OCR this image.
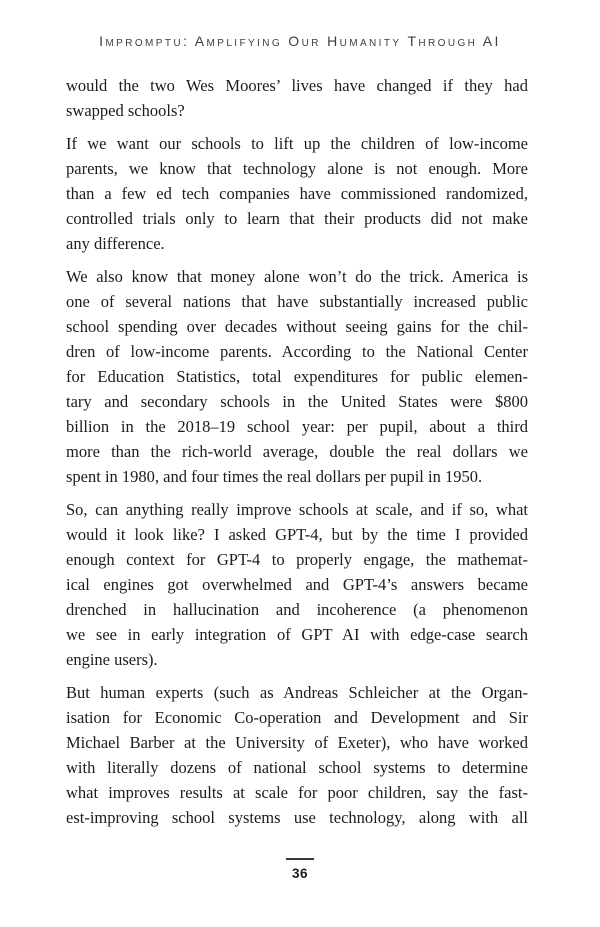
Impromptu: Amplifying Our Humanity Through AI

would the two Wes Moores’ lives have changed if they had
swapped schools?

If we want our schools to lift up the children of low-income
parents, we know that technology alone is not enough. More
than a few ed tech companies have commissioned randomized,
controlled trials only to learn that their products did not make
any difference.

We also know that money alone won’t do the trick. America is
one of several nations that have substantially increased public
school spending over decades without seeing gains for the chil-
dren of low-income parents. According to the National Center
for Education Statistics, total expenditures for public elemen-
tary and secondary schools in the United States were $800
billion in the 2018–19 school year: per pupil, about a third
more than the rich-world average, double the real dollars we
spent in 1980, and four times the real dollars per pupil in 1950.

So, can anything really improve schools at scale, and if so, what
would it look like? I asked GPT-4, but by the time I provided
enough context for GPT-4 to properly engage, the mathemat-
ical engines got overwhelmed and GPT-4’s answers became
drenched in hallucination and incoherence (a phenomenon
we see in early integration of GPT AI with edge-case search
engine users).

But human experts (such as Andreas Schleicher at the Organ-
isation for Economic Co-operation and Development and Sir
Michael Barber at the University of Exeter), who have worked
with literally dozens of national school systems to determine
what improves results at scale for poor children, say the fast-
est-improving school systems use technology, along with all

36
